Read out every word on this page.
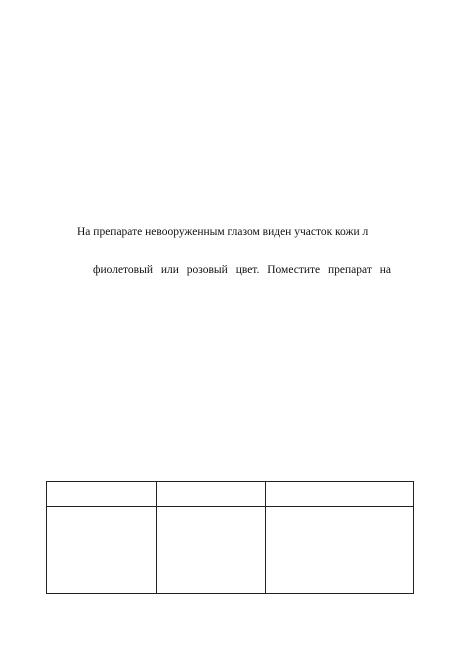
На препарате невооруженным глазом виден участок кожи л
фиолетовый или розовый цвет. Поместите препарат на
